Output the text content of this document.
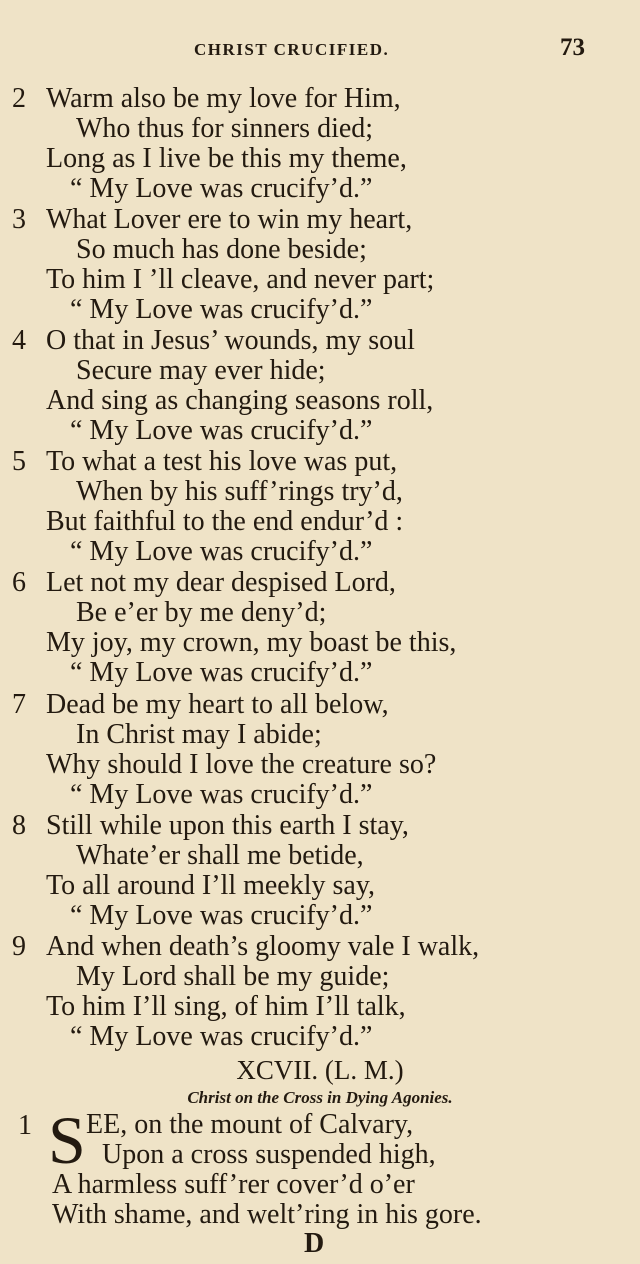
CHRIST CRUCIFIED.	73
2 Warm also be my love for Him,
Who thus for sinners died;
Long as I live be this my theme,
“ My Love was crucify’d.”
3 What Lover ere to win my heart,
So much has done beside;
To him I ’ll cleave, and never part;
“ My Love was crucify’d.”
4 O that in Jesus’ wounds, my soul
Secure may ever hide;
And sing as changing seasons roll,
“ My Love was crucify’d.”
5 To what a test his love was put,
When by his suff’rings try’d,
But faithful to the end endur’d :
“ My Love was crucify’d.”
6 Let not my dear despised Lord,
Be e’er by me deny’d;
My joy, my crown, my boast be this,
“ My Love was crucify’d.”
7 Dead be my heart to all below,
In Christ may I abide;
Why should I love the creature so?
“ My Love was crucify’d.”
8 Still while upon this earth I stay,
Whate’er shall me betide,
To all around I’ll meekly say,
“ My Love was crucify’d.”
9 And when death’s gloomy vale I walk,
My Lord shall be my guide;
To him I’ll sing, of him I’ll talk,
“ My Love was crucify’d.”
XCVII. (L. M.)
Christ on the Cross in Dying Agonies.
1 S EE, on the mount of Calvary,
Upon a cross suspended high,
A harmless suff’rer cover’d o’er
With shame, and welt’ring in his gore.
D
